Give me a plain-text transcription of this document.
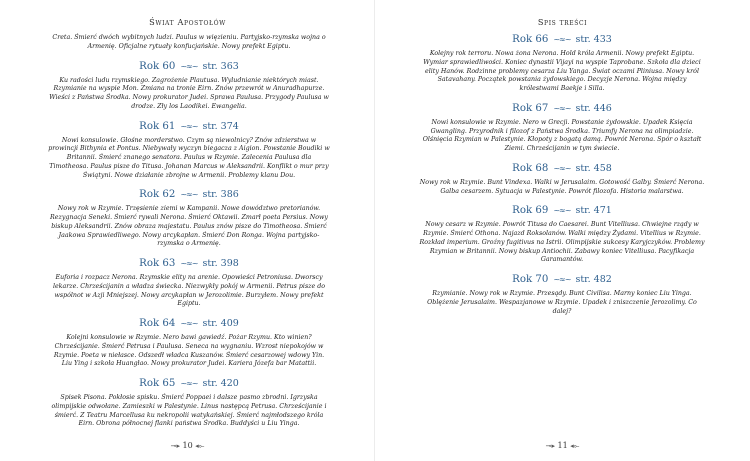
Świat Apostołów

Creta. Śmierć dwóch wybitnych ludzi. Paulus w więzieniu. Partyjsko-rzymska wojna o Armenię. Oficjalne rytuały konfucjańskie. Nowy prefekt Egiptu.

Rok 60 ~≈~ str. 363

Ku radości ludu rzymskiego. Zagrożenie Plautusa. Wyludnianie niektórych miast. Rzymianie na wyspie Mon. Zmiana na tronie Eirn. Znów przewrót w Anuradhapurze. Wieści z Państwa Środka. Nowy prokurator Judei. Sprawa Paulusa. Przygody Paulusa w drodze. Zły los Laodikei. Ewangelia.

Rok 61 ~≈~ str. 374

Nowi konsulowie. Głośne morderstwo. Czym są niewolnicy? Znów zdzierstwa w prowincji Bithynia et Pontus. Niebywały wyczyn biegacza z Aigion. Powstanie Boudiki w Britannii. Śmierć znanego senatora. Paulus w Rzymie. Zalecenia Paulusa dla Timotheosa. Paulus pisze do Titusa. Johanan Marcus w Aleksandrii. Konflikt o mur przy Świątyni. Nowe działanie zbrojne w Armenii. Problemy klanu Dou.

Rok 62 ~≈~ str. 386

Nowy rok w Rzymie. Trzęsienie ziemi w Kampanii. Nowe dowództwo pretorianów. Rezygnacja Seneki. Śmierć rywali Nerona. Śmierć Oktawii. Zmarł poeta Persius. Nowy biskup Aleksandrii. Znów obraza majestatu. Paulus znów pisze do Timotheosa. Śmierć Jaakowa Sprawiedliwego. Nowy arcykapłan. Śmierć Don Ronga. Wojna partyjsko-rzymska o Armenię.

Rok 63 ~≈~ str. 398

Euforia i rozpacz Nerona. Rzymskie elity na arenie. Opowieści Petroniusa. Dworscy lekarze. Chrześcijanin a władza świecka. Niezwykły pokój w Armenii. Petrus pisze do wspólnot w Azji Mniejszej. Nowy arcykapłan w Jerozolimie. Burzyłem. Nowy prefekt Egiptu.

Rok 64 ~≈~ str. 409

Kolejni konsulowie w Rzymie. Nero bawi gawiedź. Pożar Rzymu. Kto winien? Chrześcijanie. Śmierć Petrusa i Paulusa. Seneca na wygnaniu. Wzrost niepokojów w Rzymie. Poeta w niełasce. Odszedł władca Kuszanów. Śmierć cesarzowej wdowy Yin. Liu Ying i szkoła Huangłao. Nowy prokurator Judei. Kariera Józefa bar Matattii.

Rok 65 ~≈~ str. 420

Spisek Pisona. Pokłosie spisku. Śmierć Poppaei i dalsze pasmo zbrodni. Igrzyska olimpijskie odwołane. Zamieszki w Palestynie. Linus następcą Petrusa. Chrześcijanie i śmierć. Z Teatru Marcellusa ku nekropolii watykańskiej. Śmierć najmłodszego króla Eirn. Obrona północnej flanki państwa Środka. Buddyści u Liu Yinga.

⊸▸ 10 ◂⟜
Spis treści
Rok 66 ~≈~ str. 433

Kolejny rok terroru. Nowa żona Nerona. Hold króla Armenii. Nowy prefekt Egiptu. Wymiar sprawiedliwości. Koniec dynastii Vijayi na wyspie Taprobane. Szkoła dla dzieci elity Hanów. Rodzinne problemy cesarza Liu Yanga. Świat oczami Pliniusa. Nowy król Satavahany. Początek powstania żydowskiego. Decyzje Nerona. Wojna między królestwami Baekje i Silla.

Rok 67 ~≈~ str. 446

Nowi konsulowie w Rzymie. Nero w Grecji. Powstanie żydowskie. Upadek Księcia Gwangling. Przyrodnik i filozof z Państwa Środka. Triumfy Nerona na olimpiadzie. Olśnięcia Rzymian w Palestynie. Kłopoty z bogatą damą. Powrót Nerona. Spór o kształt Ziemi. Chrześcijanin w tym świecie.

Rok 68 ~≈~ str. 458

Nowy rok w Rzymie. Bunt Vindexa. Walki w Jerusalaim. Gotowość Galby. Śmierć Nerona. Galba cesarzem. Sytuacja w Palestynie. Powrót filozofa. Historia malarstwa.

Rok 69 ~≈~ str. 471

Nowy cesarz w Rzymie. Powrót Titusa do Caesarei. Bunt Vitelliusa. Chwiejne rządy w Rzymie. Śmierć Othona. Najazd Roksolanów. Walki między Żydami. Vitellius w Rzymie. Rozkład imperium. Groźny fugitivus na Istrii. Olimpijskie sukcesy Karyjczyków. Problemy Rzymian w Britannii. Nowy biskup Antiochii. Zabawy koniec Vitelliusa. Pacyfikacja Garamantów.

Rok 70 ~≈~ str. 482

Rzymianie. Nowy rok w Rzymie. Przesądy. Bunt Civilisa. Marny koniec Liu Yinga. Oblężenie Jerusalaim. Wespazjanowe w Rzymie. Upadek i zniszczenie Jerozolimy. Co dalej?

⊸▸ 11 ◂⟜
